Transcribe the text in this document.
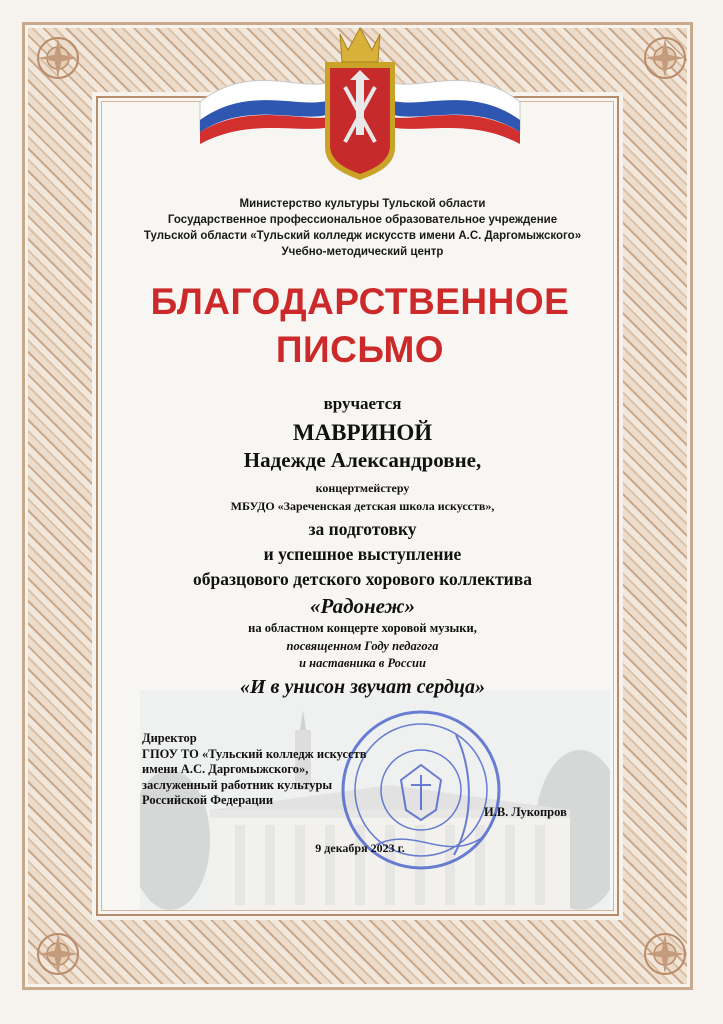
Министерство культуры Тульской области
Государственное профессиональное образовательное учреждение
Тульской области «Тульский колледж искусств имени А.С. Даргомыжского»
Учебно-методический центр
БЛАГОДАРСТВЕННОЕ
ПИСЬМО

вручается

МАВРИНОЙ

Надежде Александровне,

концертмейстеру

МБУДО «Зареченская детская школа искусств»,

за подготовку

и успешное выступление

образцового детского хорового коллектива

«Радонеж»

на областном концерте хоровой музыки,

посвященном Году педагога

и наставника в России

«И в унисон звучат сердца»

Директор
ГПОУ ТО «Тульский колледж искусств
имени А.С. Даргомыжского»,
заслуженный работник культуры
Российской Федерации
И.В. Лукопров
9 декабря 2023 г.
